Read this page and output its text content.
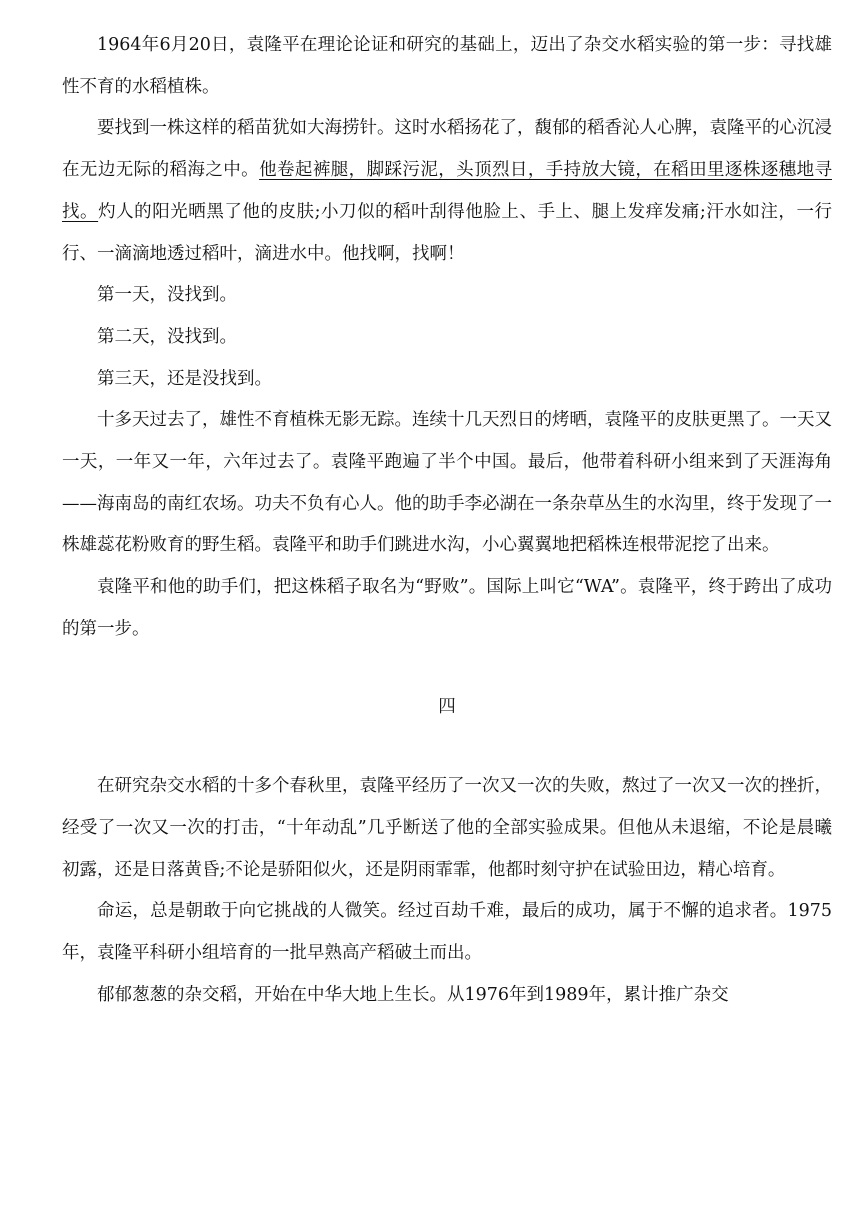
1964年6月20日，袁隆平在理论论证和研究的基础上，迈出了杂交水稻实验的第一步：寻找雄性不育的水稻植株。

要找到一株这样的稻苗犹如大海捞针。这时水稻扬花了，馥郁的稻香沁人心脾，袁隆平的心沉浸在无边无际的稻海之中。他卷起裤腿，脚踩污泥，头顶烈日，手持放大镜，在稻田里逐株逐穗地寻找。灼人的阳光晒黑了他的皮肤;小刀似的稻叶刮得他脸上、手上、腿上发痒发痛;汗水如注，一行行、一滴滴地透过稻叶，滴进水中。他找啊，找啊！

第一天，没找到。

第二天，没找到。

第三天，还是没找到。

十多天过去了，雄性不育植株无影无踪。连续十几天烈日的烤晒，袁隆平的皮肤更黑了。一天又一天，一年又一年，六年过去了。袁隆平跑遍了半个中国。最后，他带着科研小组来到了天涯海角——海南岛的南红农场。功夫不负有心人。他的助手李必湖在一条杂草丛生的水沟里，终于发现了一株雄蕊花粉败育的野生稻。袁隆平和助手们跳进水沟，小心翼翼地把稻株连根带泥挖了出来。

袁隆平和他的助手们，把这株稻子取名为“野败”。国际上叫它“WA”。袁隆平，终于跨出了成功的第一步。

四

在研究杂交水稻的十多个春秋里，袁隆平经历了一次又一次的失败，熬过了一次又一次的挫折，经受了一次又一次的打击，“十年动乱”几乎断送了他的全部实验成果。但他从未退缩，不论是晨曦初露，还是日落黄昏;不论是骄阳似火，还是阴雨霏霏，他都时刻守护在试验田边，精心培育。

命运，总是朝敢于向它挑战的人微笑。经过百劫千难，最后的成功，属于不懈的追求者。1975年，袁隆平科研小组培育的一批早熟高产稻破土而出。

郁郁葱葱的杂交稻，开始在中华大地上生长。从1976年到1989年，累计推广杂交
